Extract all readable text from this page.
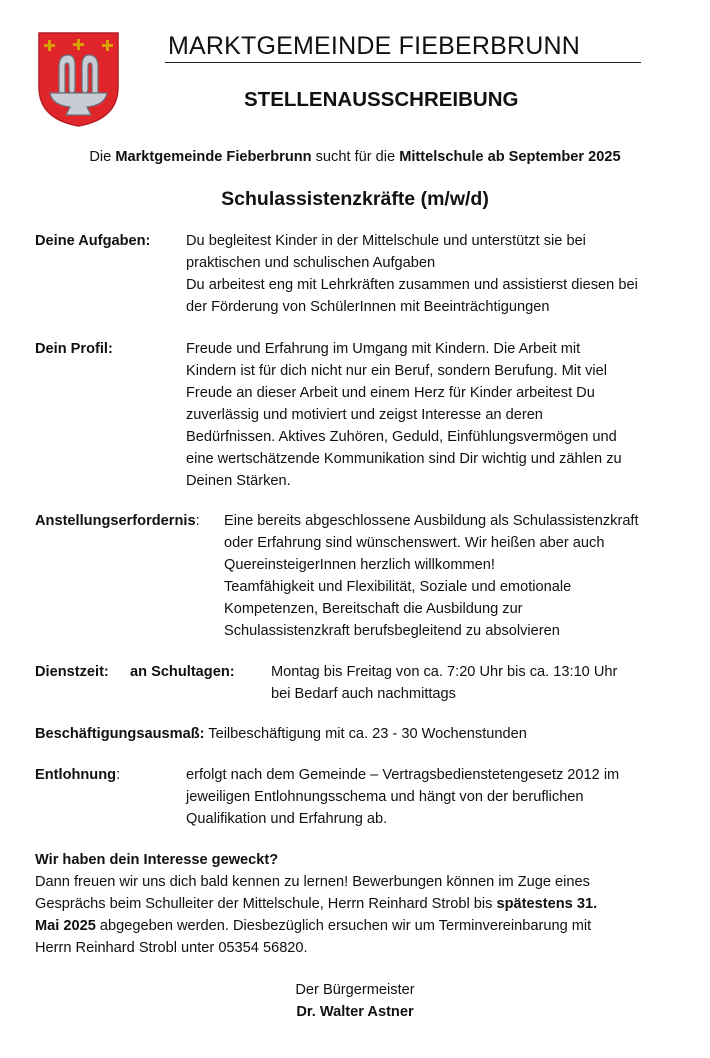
MARKTGEMEINDE FIEBERBRUNN
STELLENAUSSCHREIBUNG
Die Marktgemeinde Fieberbrunn sucht für die Mittelschule ab September 2025
Schulassistenzkräfte (m/w/d)
Deine Aufgaben: Du begleitest Kinder in der Mittelschule und unterstützt sie bei
praktischen und schulischen Aufgaben
Du arbeitest eng mit Lehrkräften zusammen und assistierst diesen bei
der Förderung von SchülerInnen mit Beeinträchtigungen
Dein Profil:	Freude und Erfahrung im Umgang mit Kindern. Die Arbeit mit
Kindern ist für dich nicht nur ein Beruf, sondern Berufung. Mit viel
Freude an dieser Arbeit und einem Herz für Kinder arbeitest Du
zuverlässig und motiviert und zeigst Interesse an deren
Bedürfnissen. Aktives Zuhören, Geduld, Einfühlungsvermögen und
eine wertschätzende Kommunikation sind Dir wichtig und zählen zu
Deinen Stärken.
Anstellungserfordernis: Eine bereits abgeschlossene Ausbildung als Schulassistenzkraft
oder Erfahrung sind wünschenswert. Wir heißen aber auch
QuereinsteigerInnen herzlich willkommen!
Teamfähigkeit und Flexibilität, Soziale und emotionale
Kompetenzen, Bereitschaft die Ausbildung zur
Schulassistenzkraft berufsbegleitend zu absolvieren
Dienstzeit: an Schultagen: Montag bis Freitag von ca. 7:20 Uhr bis ca. 13:10 Uhr
bei Bedarf auch nachmittags
Beschäftigungsausmaß: Teilbeschäftigung mit ca. 23 - 30 Wochenstunden
Entlohnung:	erfolgt nach dem Gemeinde – Vertragsbedienstetengesetz 2012 im
jeweiligen Entlohnungsschema und hängt von der beruflichen
Qualifikation und Erfahrung ab.
Wir haben dein Interesse geweckt?
Dann freuen wir uns dich bald kennen zu lernen! Bewerbungen können im Zuge eines
Gesprächs beim Schulleiter der Mittelschule, Herrn Reinhard Strobl bis spätestens 31.
Mai 2025 abgegeben werden. Diesbezüglich ersuchen wir um Terminvereinbarung mit
Herrn Reinhard Strobl unter 05354 56820.
Der Bürgermeister
Dr. Walter Astner
